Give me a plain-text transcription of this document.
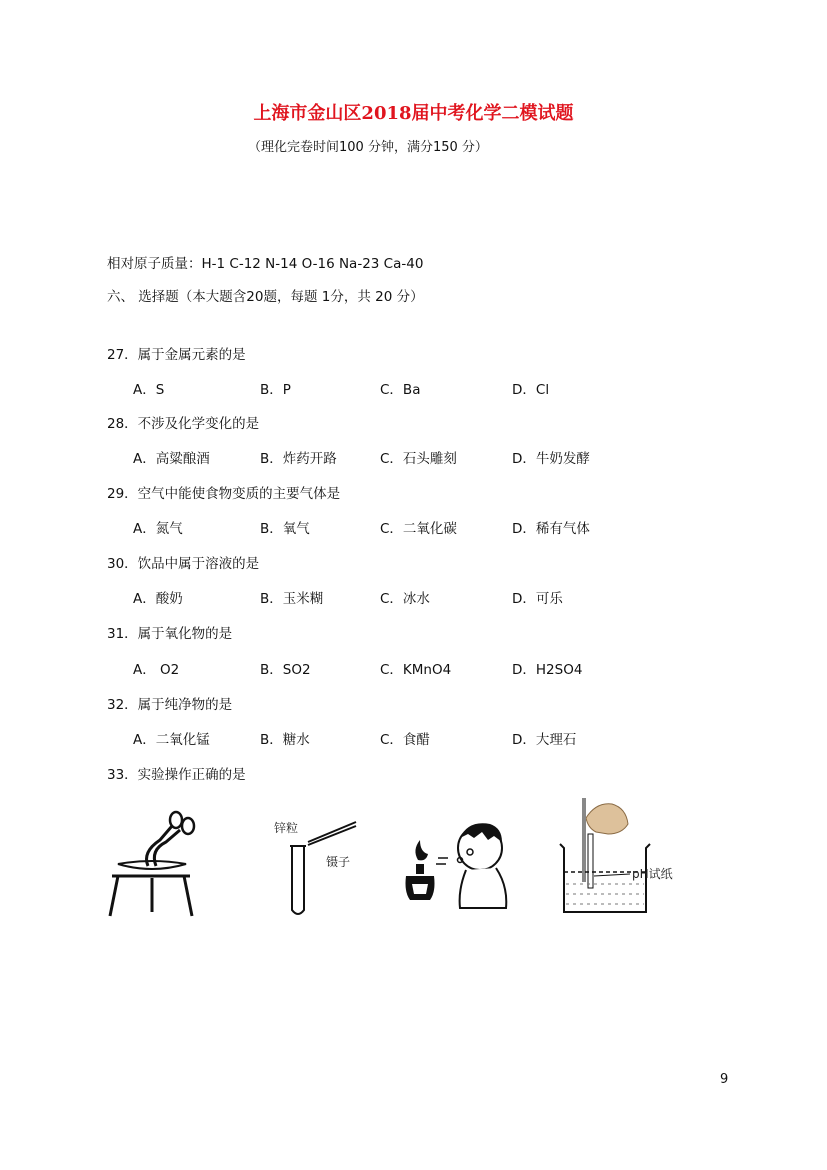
上海市金山区2018届中考化学二模试题
（理化完卷时间100 分钟，满分150 分）
相对原子质量：H-1 C-12 N-14 O-16 Na-23 Ca-40
六、 选择题（本大题含20题，每题 1分，共 20 分）
27．属于金属元素的是
A．S	B．P	C．Ba	D．Cl
28．不涉及化学变化的是
A．高粱酿酒	B．炸药开路	C．石头雕刻	D．牛奶发酵
29．空气中能使食物变质的主要气体是
A．氮气	B．氧气	C．二氧化碳	D．稀有气体
30．饮品中属于溶液的是
A．酸奶	B．玉米糊	C．冰水	D．可乐
31．属于氧化物的是
A． O2	B．SO2	C．KMnO4	D．H2SO4
32．属于纯净物的是
A．二氧化锰	B．糖水	C．食醋	D．大理石
33．实验操作正确的是
锌粒
镊子
pH试纸
9
